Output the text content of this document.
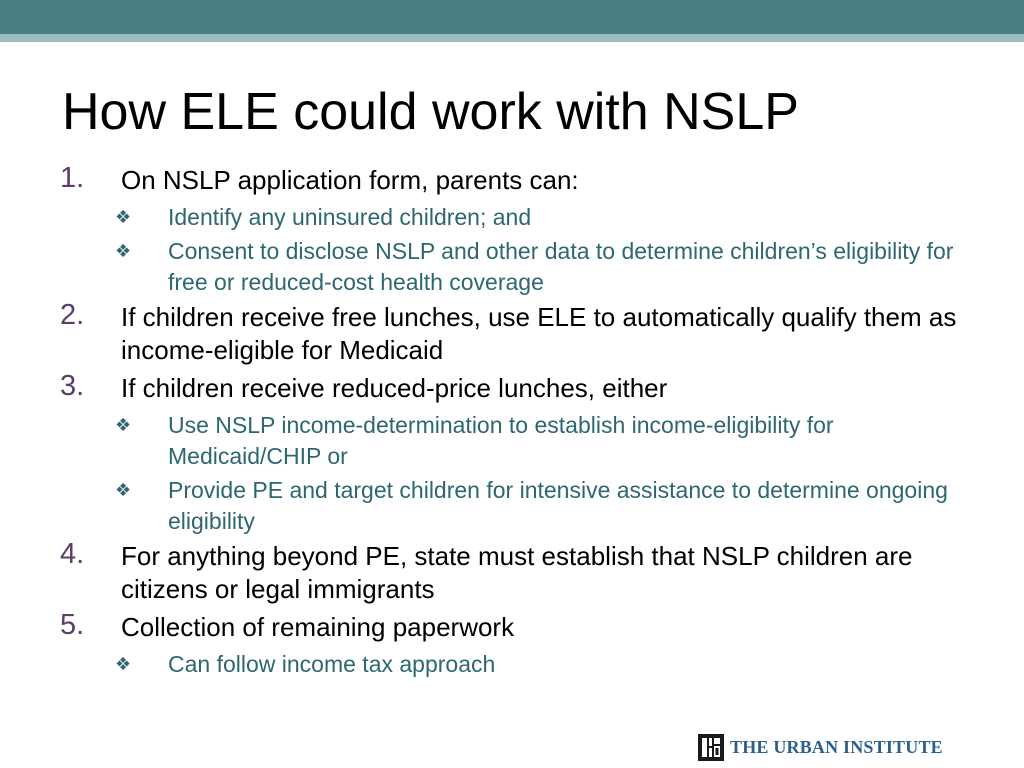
How ELE could work with NSLP
1. On NSLP application form, parents can:
❖ Identify any uninsured children; and
❖ Consent to disclose NSLP and other data to determine children’s eligibility for free or reduced-cost health coverage
2. If children receive free lunches, use ELE to automatically qualify them as income-eligible for Medicaid
3. If children receive reduced-price lunches, either
❖ Use NSLP income-determination to establish income-eligibility for Medicaid/CHIP or
❖ Provide PE and target children for intensive assistance to determine ongoing eligibility
4. For anything beyond PE, state must establish that NSLP children are citizens or legal immigrants
5. Collection of remaining paperwork
❖ Can follow income tax approach
THE URBAN INSTITUTE
